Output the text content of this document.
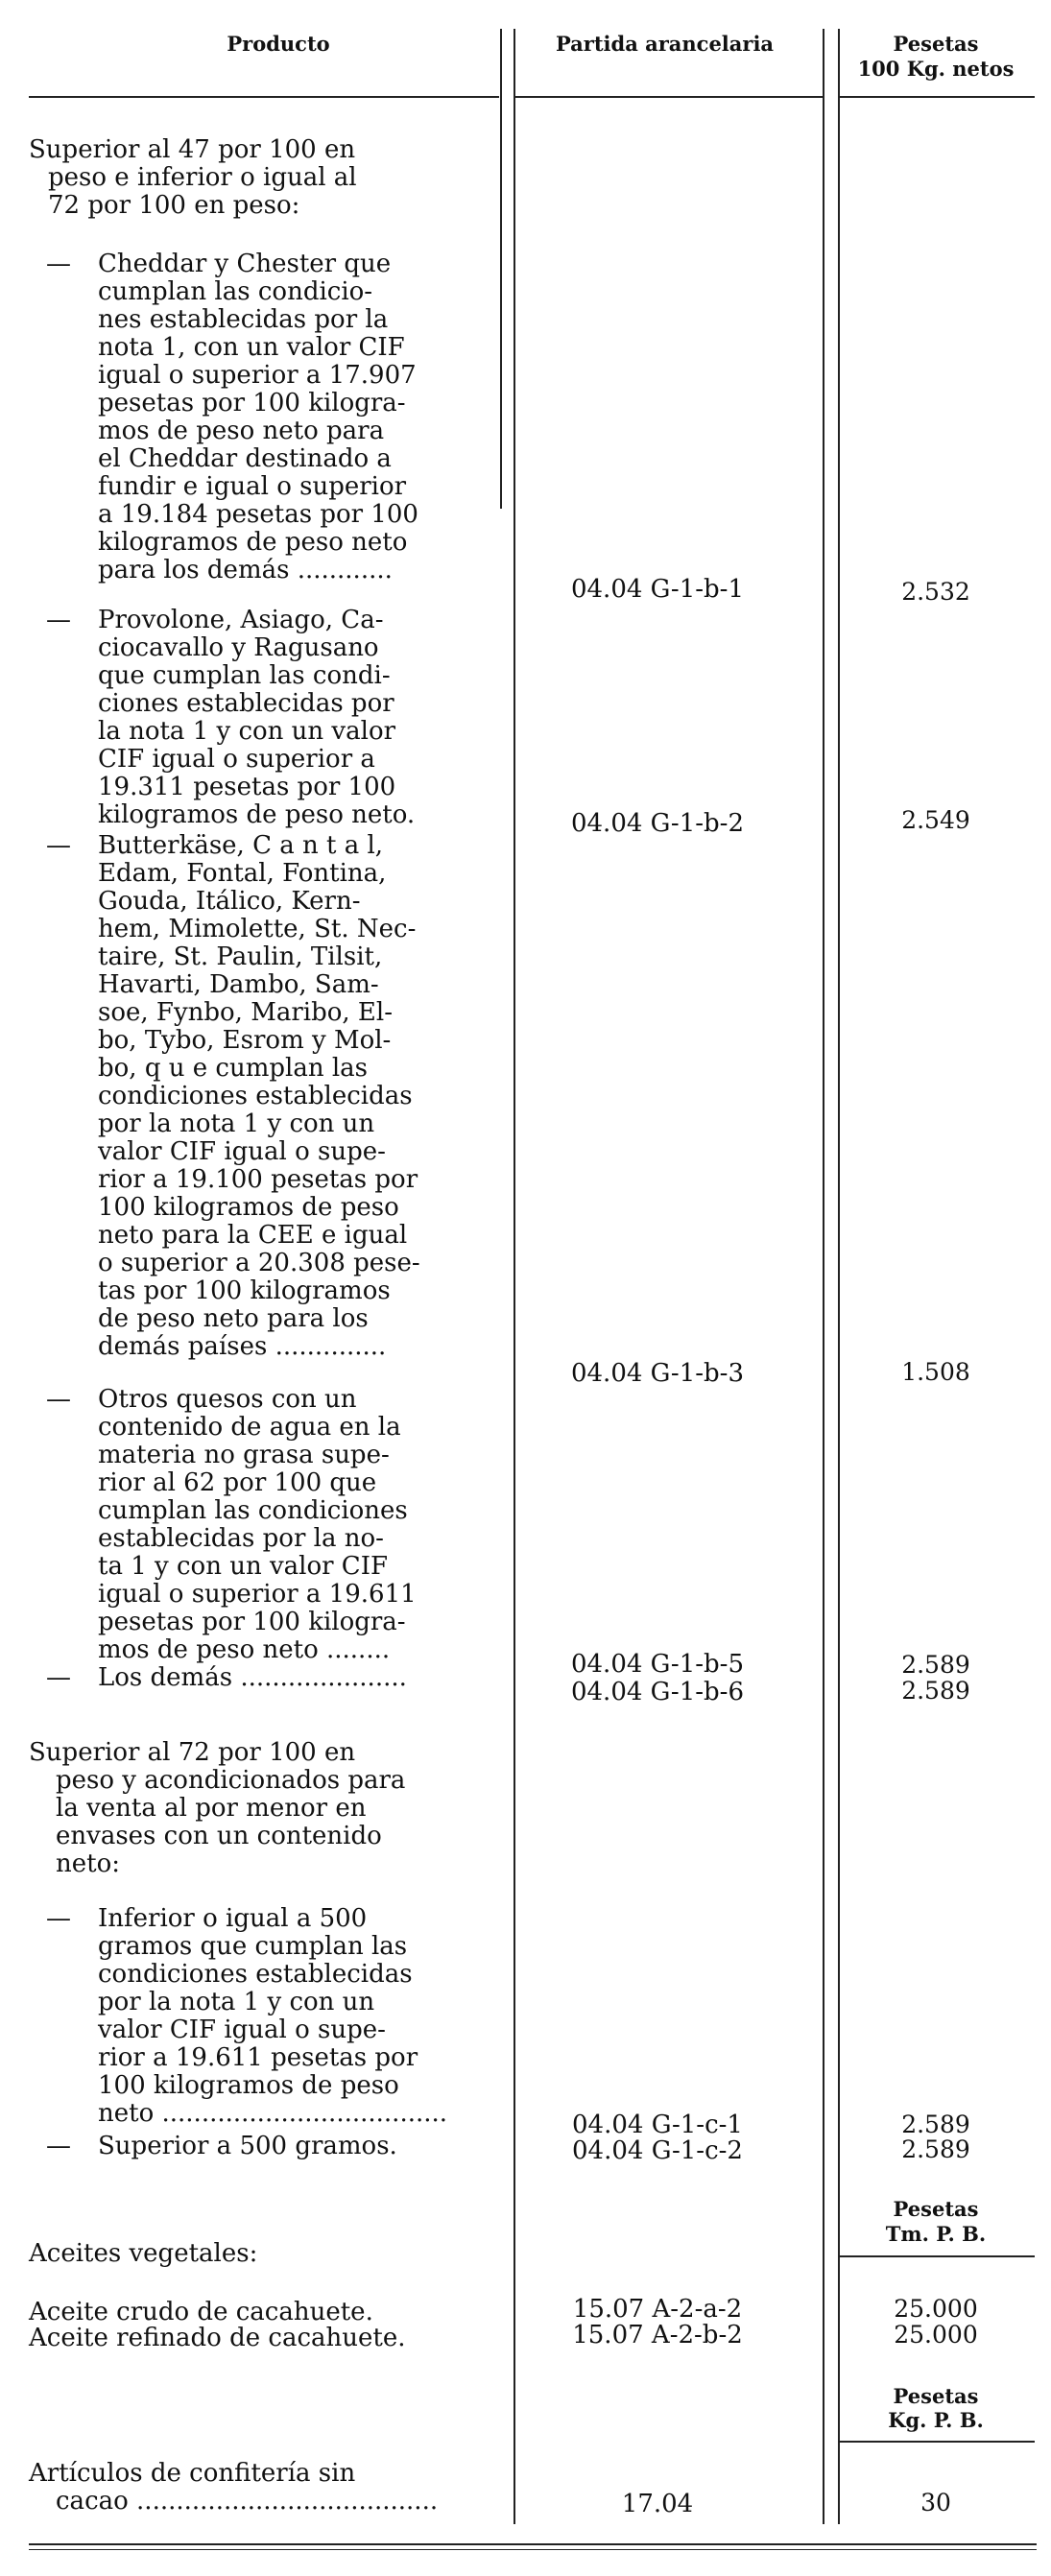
Producto	Partida arancelaria	Pesetas
100 Kg. netos
Superior al 47 por 100 en
peso e inferior o igual al
72 por 100 en peso:
— Cheddar y Chester que
cumplan las condicio-
nes establecidas por la
nota 1, con un valor CIF
igual o superior a 17.907
pesetas por 100 kilogra-
mos de peso neto para
el Cheddar destinado a
fundir e igual o superior
a 19.184 pesetas por 100
kilogramos de peso neto
para los demás ............
04.04 G-1-b-1	2.532
— Provolone, Asiago, Ca-
ciocavallo y Ragusano
que cumplan las condi-
ciones establecidas por
la nota 1 y con un valor
CIF igual o superior a
19.311 pesetas por 100
kilogramos de peso neto.	04.04 G-1-b-2	2.549
— Butterkäse, C a n t a l,
Edam, Fontal, Fontina,
Gouda, Itálico, Kern-
hem, Mimolette, St. Nec-
taire, St. Paulin, Tilsit,
Havarti, Dambo, Sam-
soe, Fynbo, Maribo, El-
bo, Tybo, Esrom y Mol-
bo, q u e cumplan las
condiciones establecidas
por la nota 1 y con un
valor CIF igual o supe-
rior a 19.100 pesetas por
100 kilogramos de peso
neto para la CEE e igual
o superior a 20.308 pese-
tas por 100 kilogramos
de peso neto para los
demás países ..............
04.04 G-1-b-3	1.508
— Otros quesos con un
contenido de agua en la
materia no grasa supe-
rior al 62 por 100 que
cumplan las condiciones
establecidas por la no-
ta 1 y con un valor CIF
igual o superior a 19.611
pesetas por 100 kilogra-
mos de peso neto ........	04.04 G-1-b-5	2.589
— Los demás .....................	04.04 G-1-b-6	2.589
Superior al 72 por 100 en
peso y acondicionados para
la venta al por menor en
envases con un contenido
neto:
— Inferior o igual a 500
gramos que cumplan las
condiciones establecidas
por la nota 1 y con un
valor CIF igual o supe-
rior a 19.611 pesetas por
100 kilogramos de peso
neto ....................................	04.04 G-1-c-1	2.589
— Superior a 500 gramos.	04.04 G-1-c-2	2.589
Pesetas
Tm. P. B.
Aceites vegetales:
Aceite crudo de cacahuete.	15.07 A-2-a-2	25.000
Aceite refinado de cacahuete.	15.07 A-2-b-2	25.000
Pesetas
Kg. P. B.
Artículos de confitería sin
cacao ......................................	17.04	30
